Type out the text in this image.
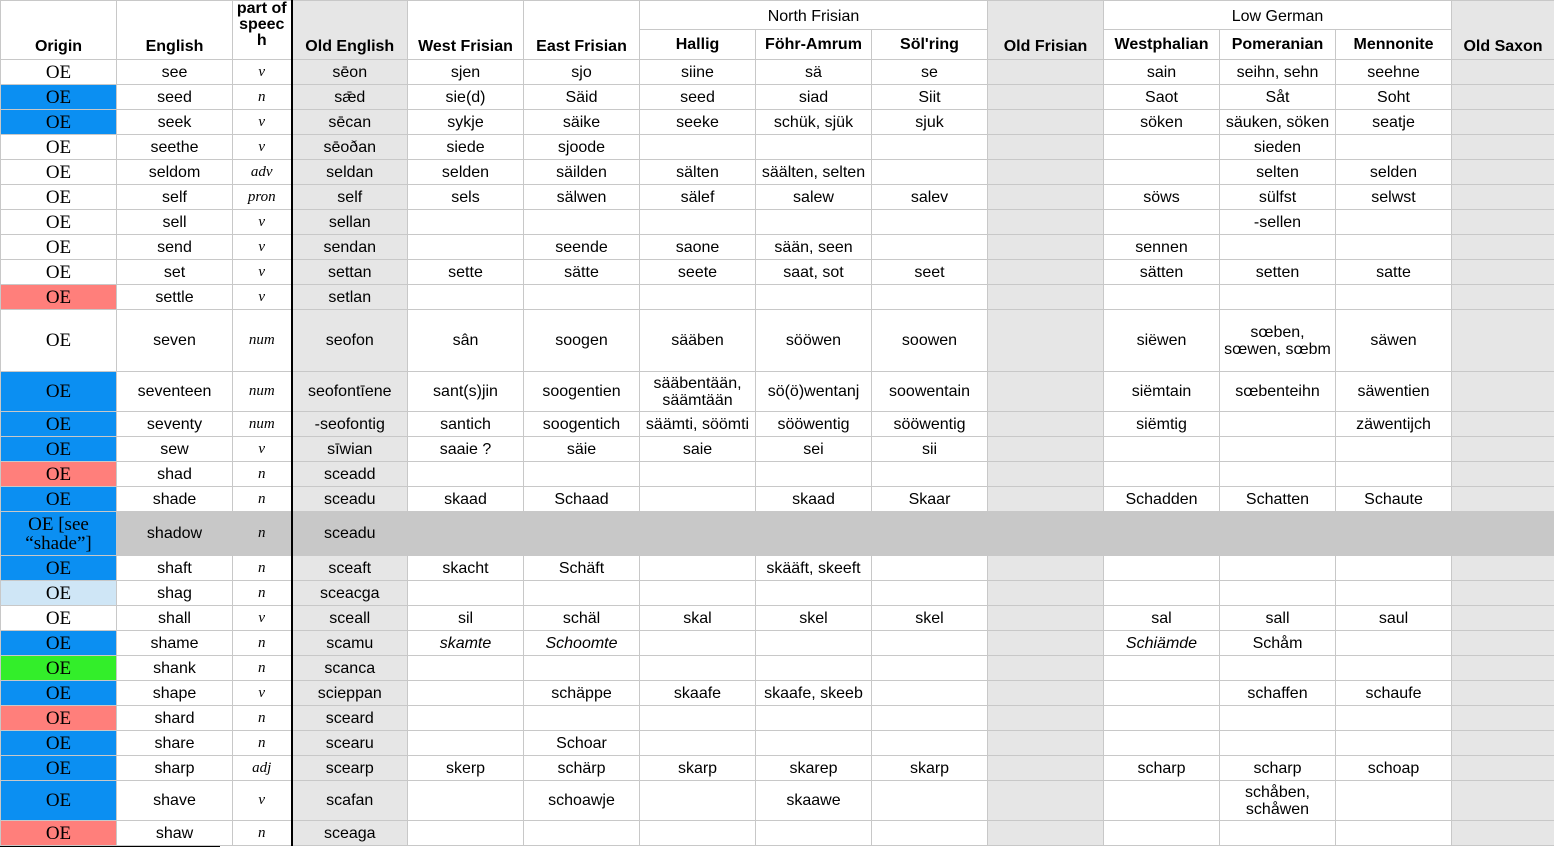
Origin	English	part of speec h	Old English	West Frisian	East Frisian	North Frisian			Old Frisian	Low German			Old Saxon
						Hallig	Föhr-Amrum	Söl'ring		Westphalian	Pomeranian	Mennonite	
OE	see	v	sēon	sjen	sjo	siine	sä	se		sain	seihn, sehn	seehne	
OE	seed	n	sǣd	sie(d)	Säid	seed	siad	Siit		Saot	Såt	Soht	
OE	seek	v	sēcan	sykje	säike	seeke	schük, sjük	sjuk		söken	säuken, söken	seatje	
OE	seethe	v	sēoðan	siede	sjoode						sieden		
OE	seldom	adv	seldan	selden	säilden	sälten	säälten, selten				selten	selden	
OE	self	pron	self	sels	sälwen	sälef	salew	salev		söws	sülfst	selwst	
OE	sell	v	sellan								-sellen		
OE	send	v	sendan		seende	saone	sään, seen			sennen			
OE	set	v	settan	sette	sätte	seete	saat, sot	seet		sätten	setten	satte	
OE	settle	v	setlan										
OE	seven	num	seofon	sân	soogen	sääben	sööwen	soowen		siëwen	sœben, sœwen, sœbm	säwen	
OE	seventeen	num	seofontīene	sant(s)jin	soogentien	sääbentään, säämtään	sö(ö)wentanj	soowentain		siëmtain	sœbenteihn	säwentien	
OE	seventy	num	-seofontig	santich	soogentich	säämti, söömti	sööwentig	sööwentig		siëmtig		zäwentijch	
OE	sew	v	sīwian	saaie ?	säie	saie	sei	sii					
OE	shad	n	sceadd										
OE	shade	n	sceadu	skaad	Schaad		skaad	Skaar		Schadden	Schatten	Schaute	
OE [see “shade”]	shadow	n	sceadu										
OE	shaft	n	sceaft	skacht	Schäft		skääft, skeeft						
OE	shag	n	sceacga										
OE	shall	v	sceall	sil	schäl	skal	skel	skel		sal	sall	saul	
OE	shame	n	scamu	skamte	Schoomte					Schiämde	Schåm		
OE	shank	n	scanca										
OE	shape	v	scieppan		schäppe	skaafe	skaafe, skeeb				schaffen	schaufe	
OE	shard	n	sceard										
OE	share	n	scearu		Schoar								
OE	sharp	adj	scearp	skerp	schärp	skarp	skarep	skarp		scharp	scharp	schoap	
OE	shave	v	scafan		schoawje		skaawe				schåben, schåwen		
OE	shaw	n	sceaga										
